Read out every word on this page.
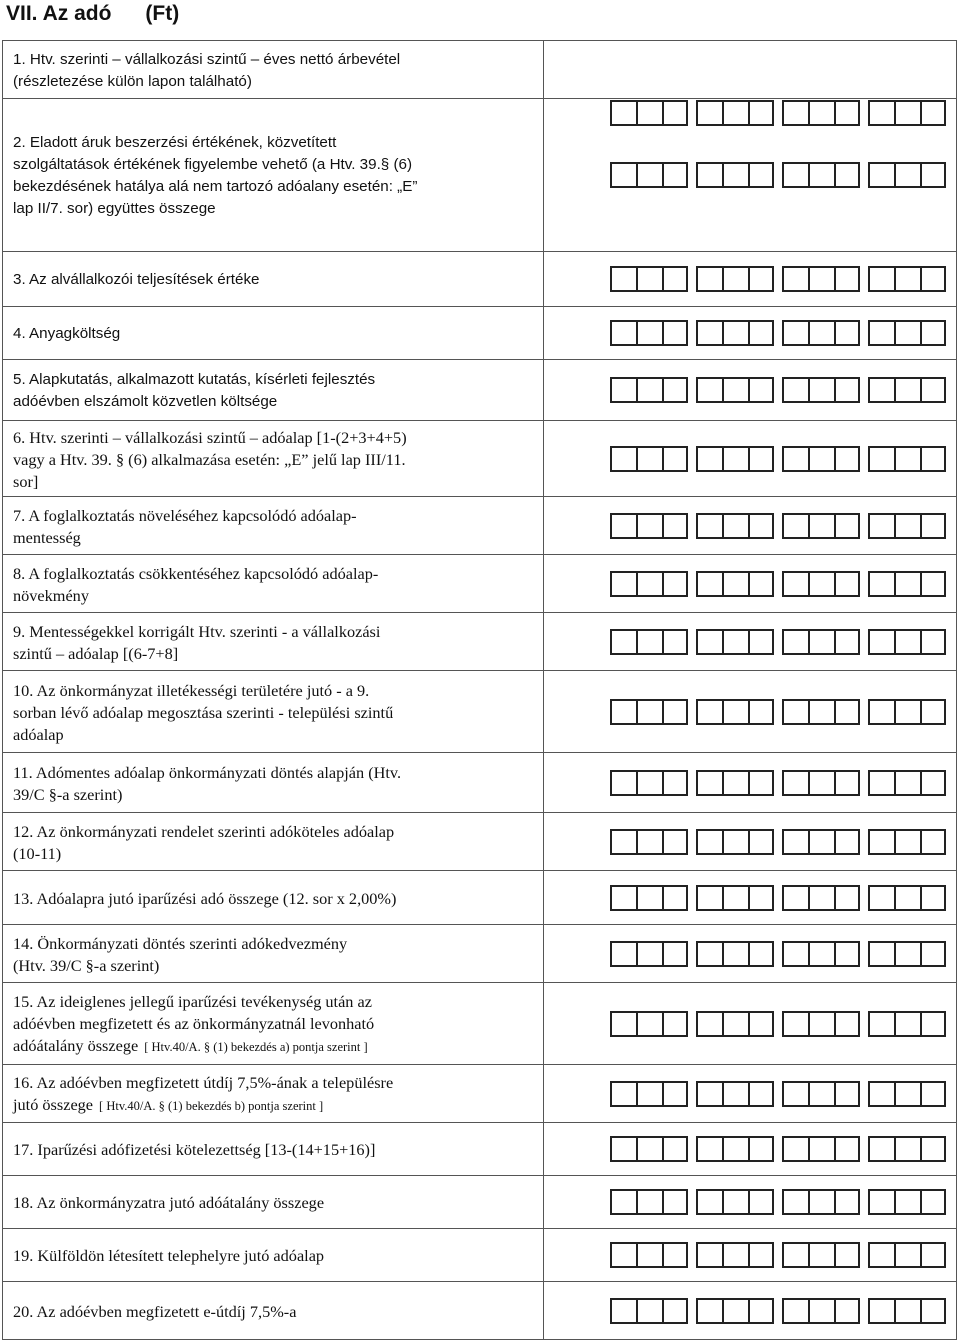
VII. Az adó (Ft)
1. Htv. szerinti – vállalkozási szintű – éves nettó árbevétel
(részletezése külön lapon található)
2. Eladott áruk beszerzési értékének, közvetített
szolgáltatások értékének figyelembe vehető (a Htv. 39.§ (6)
bekezdésének hatálya alá nem tartozó adóalany esetén: „E”
lap II/7. sor) együttes összege
3. Az alvállalkozói teljesítések értéke
4. Anyagköltség
5. Alapkutatás, alkalmazott kutatás, kísérleti fejlesztés
adóévben elszámolt közvetlen költsége
6. Htv. szerinti – vállalkozási szintű – adóalap [1-(2+3+4+5)
vagy a Htv. 39. § (6) alkalmazása esetén: „E” jelű lap III/11.
sor]
7. A foglalkoztatás növeléséhez kapcsolódó adóalap-
mentesség
8. A foglalkoztatás csökkentéséhez kapcsolódó adóalap-
növekmény
9. Mentességekkel korrigált Htv. szerinti - a vállalkozási
szintű – adóalap [(6-7+8]
10. Az önkormányzat illetékességi területére jutó - a 9.
sorban lévő adóalap megosztása szerinti - települési szintű
adóalap
11. Adómentes adóalap önkormányzati döntés alapján (Htv.
39/C §-a szerint)
12. Az önkormányzati rendelet szerinti adóköteles adóalap
(10-11)
13. Adóalapra jutó iparűzési adó összege (12. sor x 2,00%)
14. Önkormányzati döntés szerinti adókedvezmény
(Htv. 39/C §-a szerint)
15. Az ideiglenes jellegű iparűzési tevékenység után az
adóévben megfizetett és az önkormányzatnál levonható
adóátalány összege [ Htv.40/A. § (1) bekezdés a) pontja szerint ]
16. Az adóévben megfizetett útdíj 7,5%-ának a településre
jutó összege [ Htv.40/A. § (1) bekezdés b) pontja szerint ]
17. Iparűzési adófizetési kötelezettség [13-(14+15+16)]
18. Az önkormányzatra jutó adóátalány összege
19. Külföldön létesített telephelyre jutó adóalap
20. Az adóévben megfizetett e-útdíj 7,5%-a
